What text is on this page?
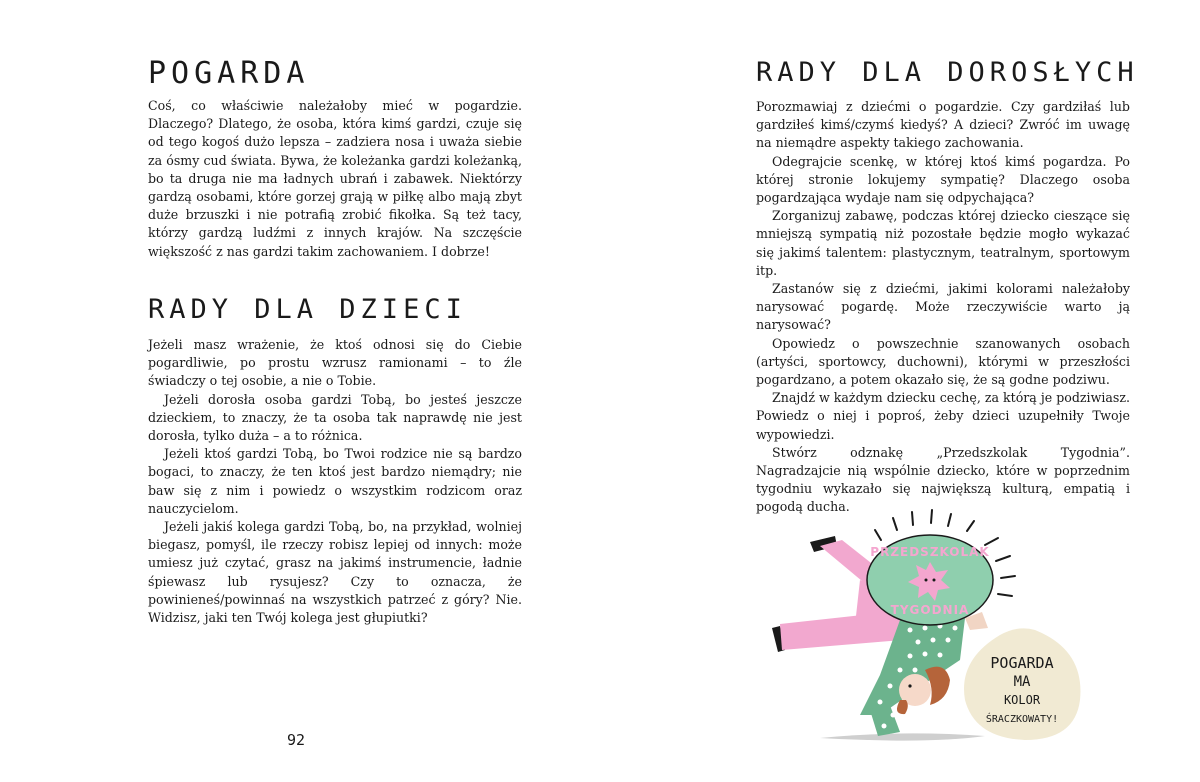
POGARDA

Coś, co właściwie należałoby mieć w pogardzie. Dlaczego? Dlatego, że osoba, która kimś gardzi, czuje się od tego kogoś dużo lepsza – zadziera nosa i uważa siebie za ósmy cud świata. Bywa, że koleżanka gardzi koleżanką, bo ta druga nie ma ładnych ubrań i zabawek. Niektórzy gardzą osobami, które gorzej grają w piłkę albo mają zbyt duże brzuszki i nie potrafią zrobić fikołka. Są też tacy, którzy gardzą ludźmi z innych krajów. Na szczęście większość z nas gardzi takim zachowaniem. I dobrze!

RADY DLA DZIECI

Jeżeli masz wrażenie, że ktoś odnosi się do Ciebie pogardliwie, po prostu wzrusz ramionami – to źle świadczy o tej osobie, a nie o Tobie.

Jeżeli dorosła osoba gardzi Tobą, bo jesteś jeszcze dzieckiem, to znaczy, że ta osoba tak naprawdę nie jest dorosła, tylko duża – a to różnica.

Jeżeli ktoś gardzi Tobą, bo Twoi rodzice nie są bardzo bogaci, to znaczy, że ten ktoś jest bardzo niemądry; nie baw się z nim i powiedz o wszystkim rodzicom oraz nauczycielom.

Jeżeli jakiś kolega gardzi Tobą, bo, na przykład, wolniej biegasz, pomyśl, ile rzeczy robisz lepiej od innych: może umiesz już czytać, grasz na jakimś instrumencie, ładnie śpiewasz lub rysujesz? Czy to oznacza, że powinieneś/powinnaś na wszystkich patrzeć z góry? Nie. Widzisz, jaki ten Twój kolega jest głupiutki?

92
RADY DLA DOROSŁYCH

Porozmawiaj z dziećmi o pogardzie. Czy gardziłaś lub gardziłeś kimś/czymś kiedyś? A dzieci? Zwróć im uwagę na niemądre aspekty takiego zachowania.

Odegrajcie scenkę, w której ktoś kimś pogardza. Po której stronie lokujemy sympatię? Dlaczego osoba pogardzająca wydaje nam się odpychająca?

Zorganizuj zabawę, podczas której dziecko cieszące się mniejszą sympatią niż pozostałe będzie mogło wykazać się jakimś talentem: plastycznym, teatralnym, sportowym itp.

Zastanów się z dziećmi, jakimi kolorami należałoby narysować pogardę. Może rzeczywiście warto ją narysować?

Opowiedz o powszechnie szanowanych osobach (artyści, sportowcy, duchowni), którymi w przeszłości pogardzano, a potem okazało się, że są godne podziwu.

Znajdź w każdym dziecku cechę, za którą je podziwiasz. Powiedz o niej i poproś, żeby dzieci uzupełniły Twoje wypowiedzi.

Stwórz odznakę „Przedszkolak Tygodnia”. Nagradzajcie nią wspólnie dziecko, które w poprzednim tygodniu wykazało się największą kulturą, empatią i pogodą ducha.

PRZEDSZKOLAK
TYGODNIA
POGARDA
MA
KOLOR
ŚRACZKOWATY!
